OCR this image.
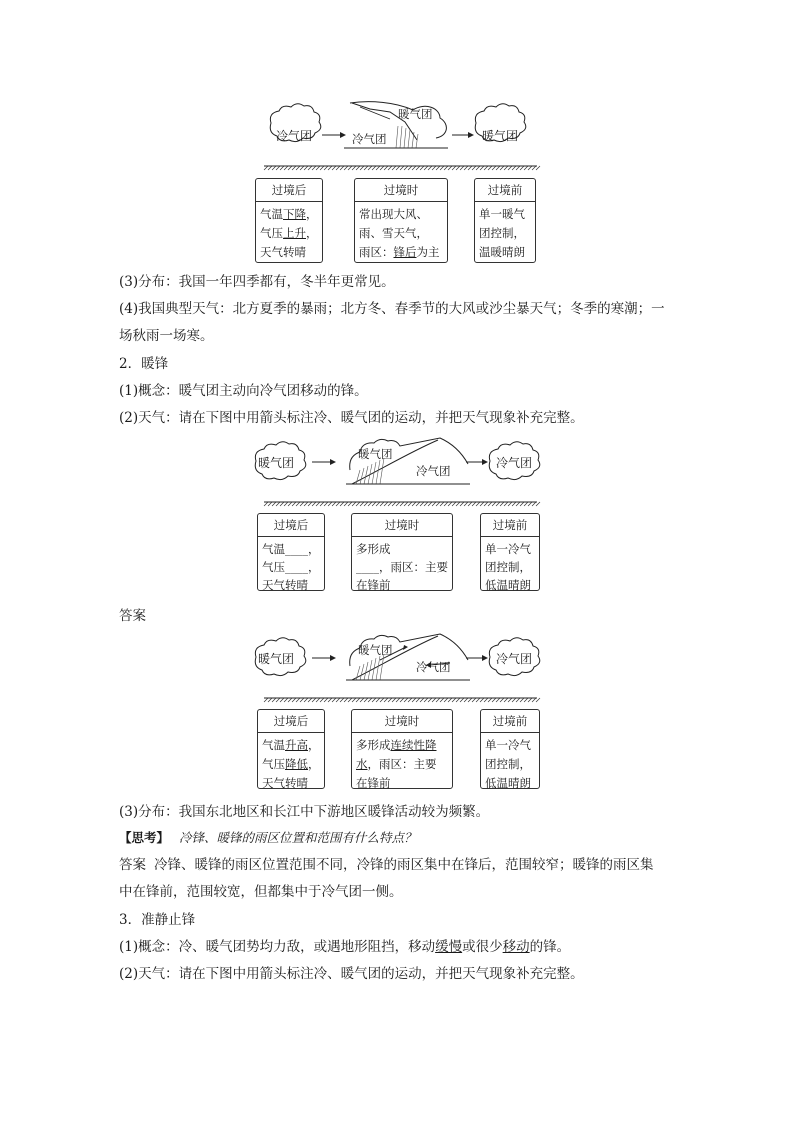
冷气团	暖气团
暖气团
冷气团
过境后
气温下降，
气压上升，
天气转晴
过境时
常出现大风、
雨、雪天气，
雨区：锋后为主
过境前
单一暖气
团控制，
温暖晴朗
(3)分布：我国一年四季都有，冬半年更常见。
(4)我国典型天气：北方夏季的暴雨；北方冬、春季节的大风或沙尘暴天气；冬季的寒潮；一
场秋雨一场寒。
2．暖锋
(1)概念：暖气团主动向冷气团移动的锋。
(2)天气：请在下图中用箭头标注冷、暖气团的运动，并把天气现象补充完整。
暖气团	冷气团
暖气团
冷气团
过境后
气温____，
气压____，
天气转晴
过境时
多形成
____，雨区：主要
在锋前
过境前
单一冷气
团控制，
低温晴朗
答案
暖气团	冷气团
暖气团
冷气团
过境后
气温升高，
气压降低，
天气转晴
过境时
多形成连续性降
水，雨区：主要
在锋前
过境前
单一冷气
团控制，
低温晴朗
(3)分布：我国东北地区和长江中下游地区暖锋活动较为频繁。
【思考】 冷锋、暖锋的雨区位置和范围有什么特点？
答案 冷锋、暖锋的雨区位置范围不同，冷锋的雨区集中在锋后，范围较窄；暖锋的雨区集
中在锋前，范围较宽，但都集中于冷气团一侧。
3．准静止锋
(1)概念：冷、暖气团势均力敌，或遇地形阻挡，移动缓慢或很少移动的锋。
(2)天气：请在下图中用箭头标注冷、暖气团的运动，并把天气现象补充完整。
